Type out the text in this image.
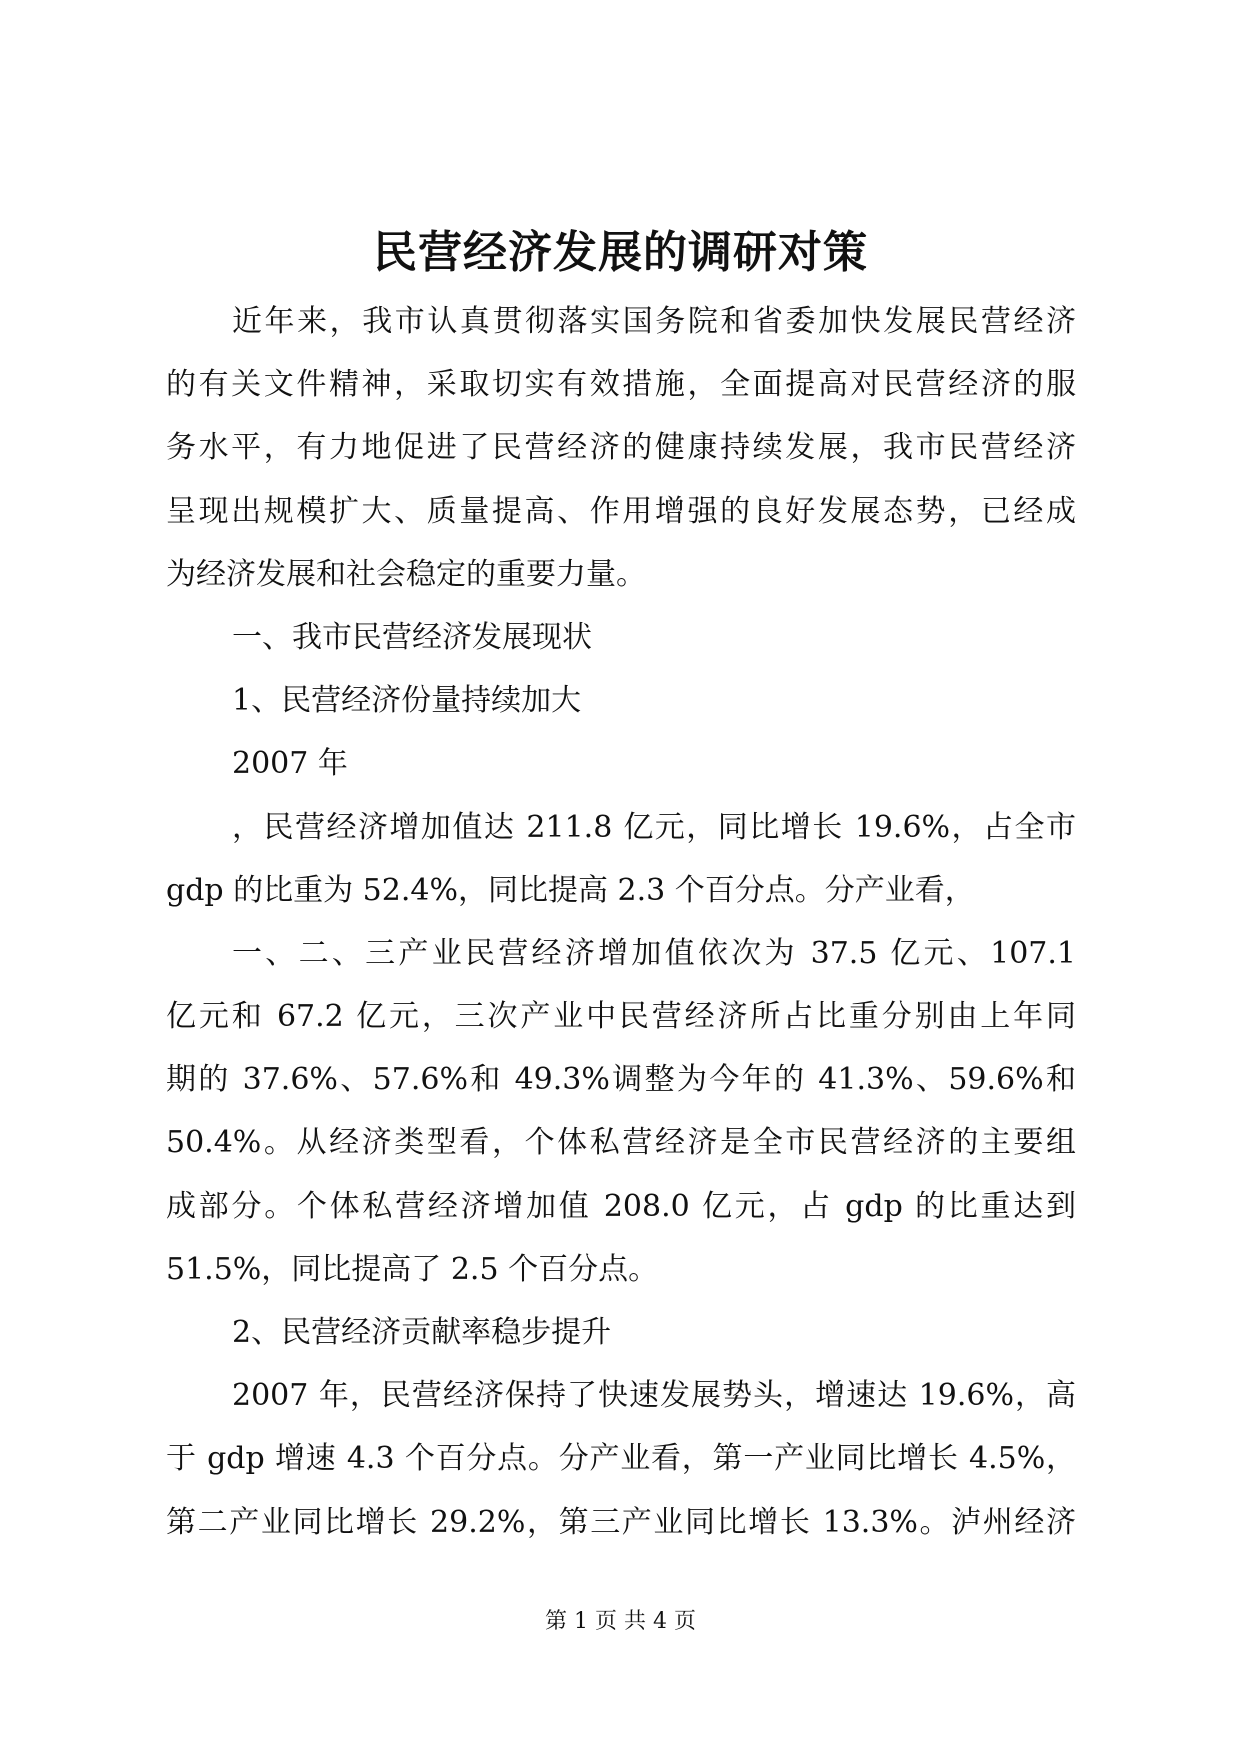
民营经济发展的调研对策
近年来，我市认真贯彻落实国务院和省委加快发展民营经济
的有关文件精神，采取切实有效措施，全面提高对民营经济的服
务水平，有力地促进了民营经济的健康持续发展，我市民营经济
呈现出规模扩大、质量提高、作用增强的良好发展态势，已经成
为经济发展和社会稳定的重要力量。
一、我市民营经济发展现状
1、民营经济份量持续加大
2007 年
，民营经济增加值达 211.8 亿元，同比增长 19.6%，占全市
gdp 的比重为 52.4%，同比提高 2.3 个百分点。分产业看，
一、二、三产业民营经济增加值依次为 37.5 亿元、107.1
亿元和 67.2 亿元，三次产业中民营经济所占比重分别由上年同
期的 37.6%、57.6%和 49.3%调整为今年的 41.3%、59.6%和
50.4%。从经济类型看，个体私营经济是全市民营经济的主要组
成部分。个体私营经济增加值 208.0 亿元，占 gdp 的比重达到
51.5%，同比提高了 2.5 个百分点。
2、民营经济贡献率稳步提升
2007 年，民营经济保持了快速发展势头，增速达 19.6%，高
于 gdp 增速 4.3 个百分点。分产业看，第一产业同比增长 4.5%，
第二产业同比增长 29.2%，第三产业同比增长 13.3%。泸州经济
第 1 页 共 4 页
